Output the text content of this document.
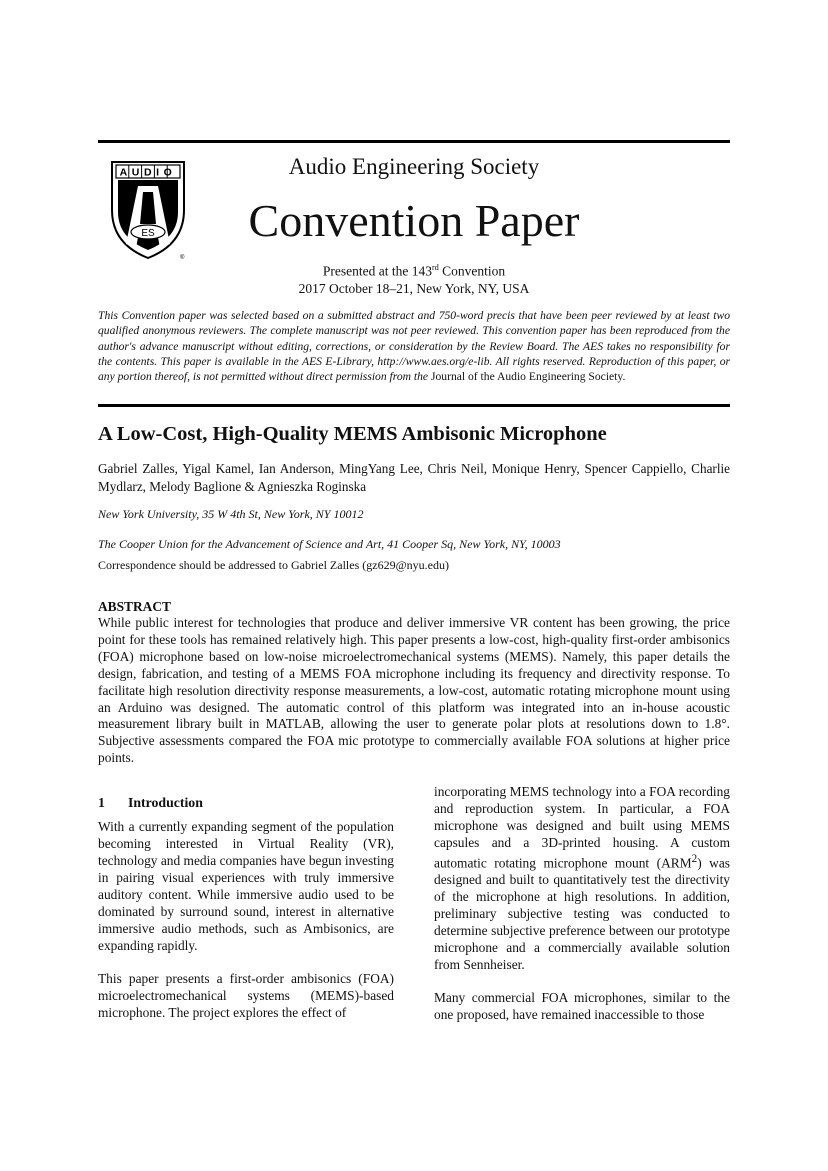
AUDIO
ES
®
Audio Engineering Society
Convention Paper
Presented at the 143rd Convention
2017 October 18–21, New York, NY, USA
This Convention paper was selected based on a submitted abstract and 750-word precis that have been peer reviewed by at least two qualified anonymous reviewers. The complete manuscript was not peer reviewed. This convention paper has been reproduced from the author's advance manuscript without editing, corrections, or consideration by the Review Board. The AES takes no responsibility for the contents. This paper is available in the AES E-Library, http://www.aes.org/e-lib. All rights reserved. Reproduction of this paper, or any portion thereof, is not permitted without direct permission from the Journal of the Audio Engineering Society.
A Low-Cost, High-Quality MEMS Ambisonic Microphone
Gabriel Zalles, Yigal Kamel, Ian Anderson, MingYang Lee, Chris Neil, Monique Henry, Spencer Cappiello, Charlie Mydlarz, Melody Baglione & Agnieszka Roginska
New York University, 35 W 4th St, New York, NY 10012
The Cooper Union for the Advancement of Science and Art, 41 Cooper Sq, New York, NY, 10003
Correspondence should be addressed to Gabriel Zalles (gz629@nyu.edu)
ABSTRACT
While public interest for technologies that produce and deliver immersive VR content has been growing, the price point for these tools has remained relatively high. This paper presents a low-cost, high-quality first-order ambisonics (FOA) microphone based on low-noise microelectromechanical systems (MEMS). Namely, this paper details the design, fabrication, and testing of a MEMS FOA microphone including its frequency and directivity response. To facilitate high resolution directivity response measurements, a low-cost, automatic rotating microphone mount using an Arduino was designed. The automatic control of this platform was integrated into an in-house acoustic measurement library built in MATLAB, allowing the user to generate polar plots at resolutions down to 1.8°. Subjective assessments compared the FOA mic prototype to commercially available FOA solutions at higher price points.
1 Introduction

With a currently expanding segment of the population becoming interested in Virtual Reality (VR), technology and media companies have begun investing in pairing visual experiences with truly immersive auditory content. While immersive audio used to be dominated by surround sound, interest in alternative immersive audio methods, such as Ambisonics, are expanding rapidly.

This paper presents a first-order ambisonics (FOA) microelectromechanical systems (MEMS)-based microphone. The project explores the effect of

incorporating MEMS technology into a FOA recording and reproduction system. In particular, a FOA microphone was designed and built using MEMS capsules and a 3D-printed housing. A custom automatic rotating microphone mount (ARM$^2$) was designed and built to quantitatively test the directivity of the microphone at high resolutions. In addition, preliminary subjective testing was conducted to determine subjective preference between our prototype microphone and a commercially available solution from Sennheiser.

Many commercial FOA microphones, similar to the one proposed, have remained inaccessible to those
